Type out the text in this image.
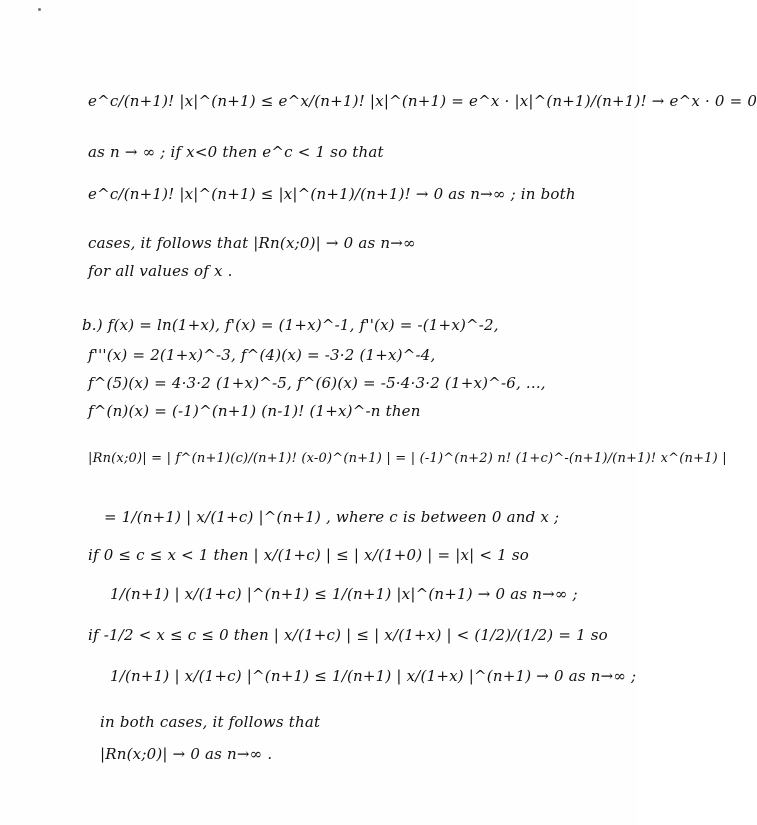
e^c/(n+1)! |x|^(n+1) ≤ e^x/(n+1)! |x|^(n+1) = e^x · |x|^(n+1)/(n+1)! → e^x · 0 = 0
as n → ∞ ; if x<0 then e^c < 1 so that
e^c/(n+1)! |x|^(n+1) ≤ |x|^(n+1)/(n+1)! → 0 as n→∞ ; in both
cases, it follows that |Rn(x;0)| → 0 as n→∞
for all values of x .
b.) f(x) = ln(1+x), f'(x) = (1+x)^-1, f''(x) = -(1+x)^-2,
f'''(x) = 2(1+x)^-3, f^(4)(x) = -3·2 (1+x)^-4,
f^(5)(x) = 4·3·2 (1+x)^-5, f^(6)(x) = -5·4·3·2 (1+x)^-6, ...,
f^(n)(x) = (-1)^(n+1) (n-1)! (1+x)^-n then
|Rn(x;0)| = | f^(n+1)(c)/(n+1)! (x-0)^(n+1) | = | (-1)^(n+2) n! (1+c)^-(n+1)/(n+1)! x^(n+1) |
= 1/(n+1) | x/(1+c) |^(n+1) , where c is between 0 and x ;
if 0 ≤ c ≤ x < 1 then | x/(1+c) | ≤ | x/(1+0) | = |x| < 1 so
1/(n+1) | x/(1+c) |^(n+1) ≤ 1/(n+1) |x|^(n+1) → 0 as n→∞ ;
if -1/2 < x ≤ c ≤ 0 then | x/(1+c) | ≤ | x/(1+x) | < (1/2)/(1/2) = 1 so
1/(n+1) | x/(1+c) |^(n+1) ≤ 1/(n+1) | x/(1+x) |^(n+1) → 0 as n→∞ ;
in both cases, it follows that
|Rn(x;0)| → 0 as n→∞ .
